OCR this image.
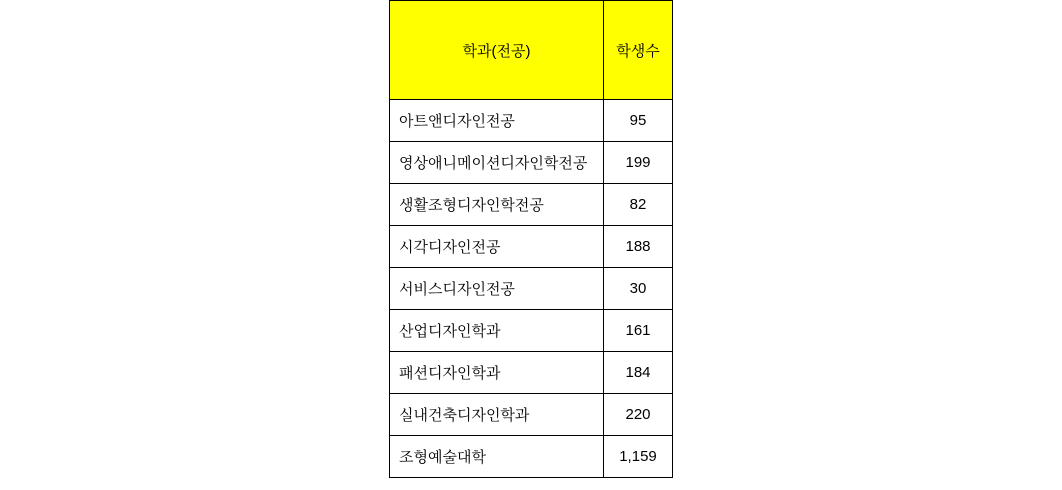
학과(전공)	학생수
아트앤디자인전공	95
영상애니메이션디자인학전공	199
생활조형디자인학전공	82
시각디자인전공	188
서비스디자인전공	30
산업디자인학과	161
패션디자인학과	184
실내건축디자인학과	220
조형예술대학	1,159
